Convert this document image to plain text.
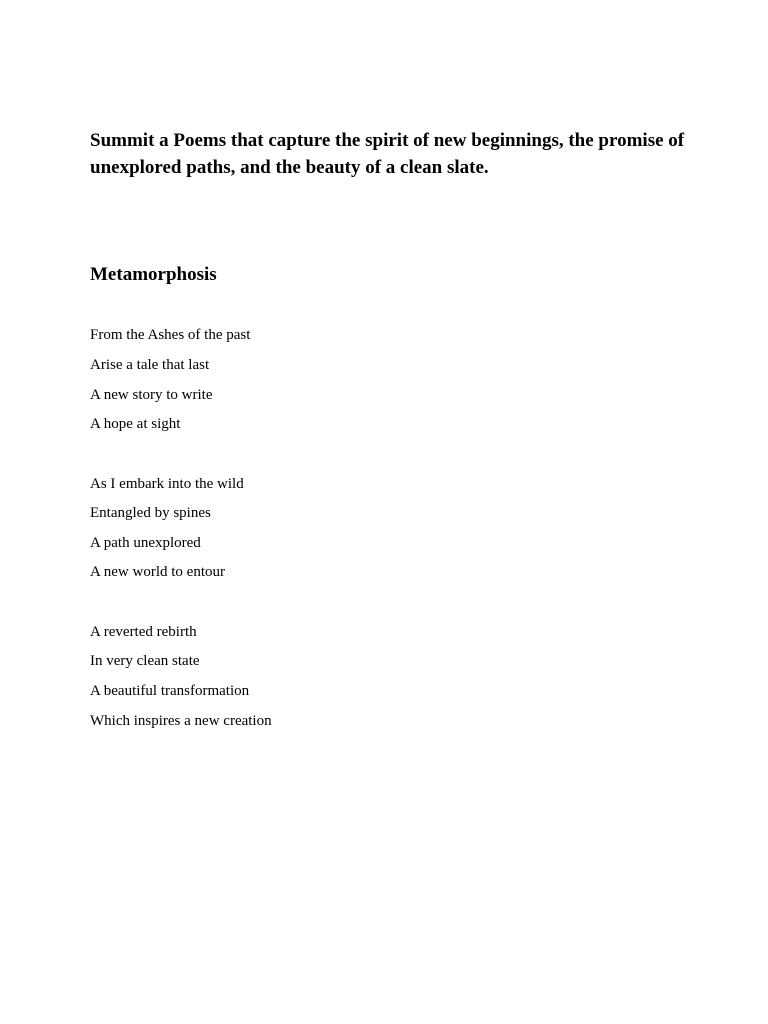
Summit a Poems that capture the spirit of new beginnings, the promise of unexplored paths, and the beauty of a clean slate.

Metamorphosis

From the Ashes of the past

Arise a tale that last

A new story to write

A hope at sight

As I embark into the wild

Entangled by spines

A path unexplored

A new world to entour

A reverted rebirth

In very clean state

A beautiful transformation

Which inspires a new creation
